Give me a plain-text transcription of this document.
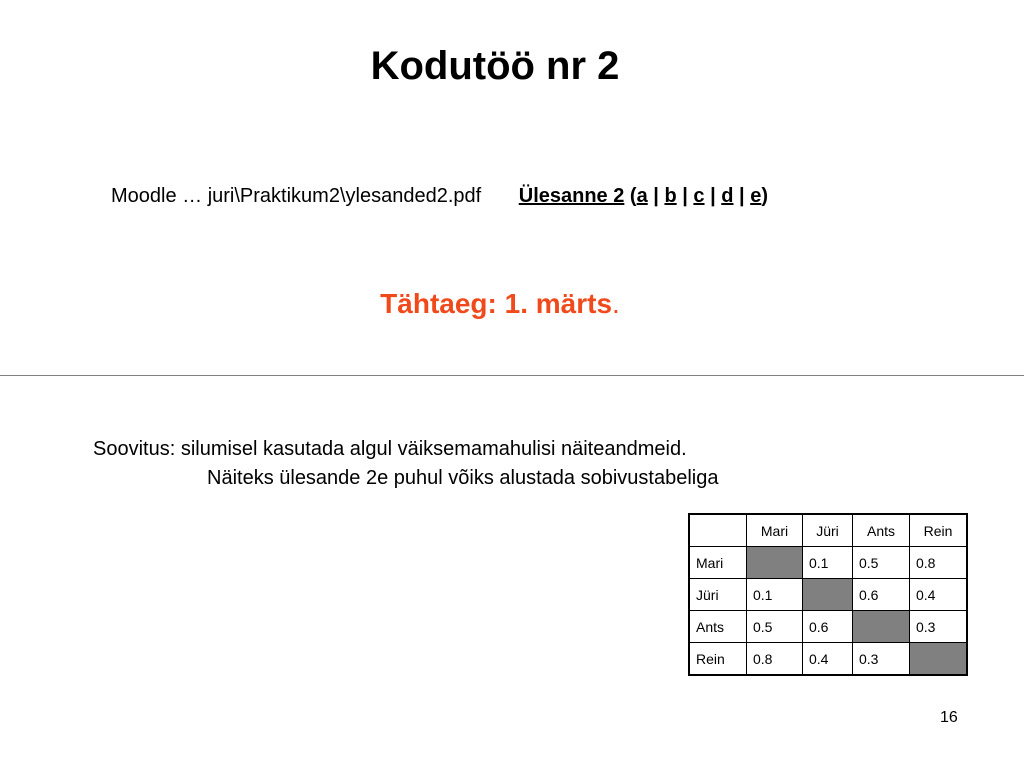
Kodutöö nr 2
Moodle … juri\Praktikum2\ylesanded2.pdf Ülesanne 2 (a | b | c | d | e)
Tähtaeg: 1. märts.
Soovitus: silumisel kasutada algul väiksemamahulisi näiteandmeid.
Näiteks ülesande 2e puhul võiks alustada sobivustabeliga
	Mari	Jüri	Ants	Rein
Mari		0.1	0.5	0.8
Jüri	0.1		0.6	0.4
Ants	0.5	0.6		0.3
Rein	0.8	0.4	0.3	
16
